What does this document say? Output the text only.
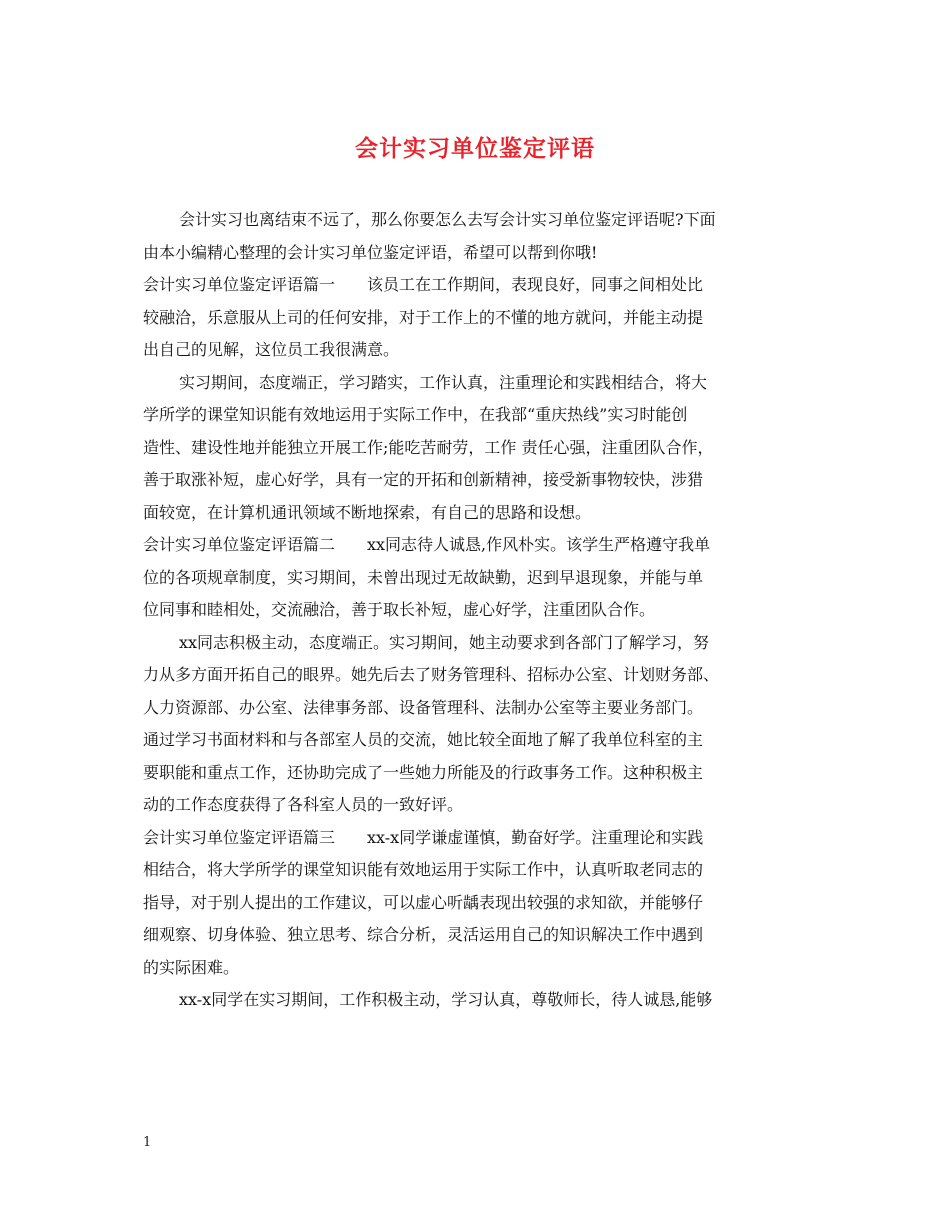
会计实习单位鉴定评语
会计实习也离结束不远了，那么你要怎么去写会计实习单位鉴定评语呢?下面
由本小编精心整理的会计实习单位鉴定评语，希望可以帮到你哦!
会计实习单位鉴定评语篇一　　该员工在工作期间，表现良好，同事之间相处比
较融洽，乐意服从上司的任何安排，对于工作上的不懂的地方就问，并能主动提
出自己的见解，这位员工我很满意。
实习期间，态度端正，学习踏实，工作认真，注重理论和实践相结合，将大
学所学的课堂知识能有效地运用于实际工作中，在我部“重庆热线”实习时能创
造性、建设性地并能独立开展工作;能吃苦耐劳，工作 责任心强，注重团队合作，
善于取涨补短，虚心好学，具有一定的开拓和创新精神，接受新事物较快，涉猎
面较宽，在计算机通讯领域不断地探索，有自己的思路和设想。
会计实习单位鉴定评语篇二　　xx同志待人诚恳,作风朴实。该学生严格遵守我单
位的各项规章制度，实习期间，未曾出现过无故缺勤，迟到早退现象，并能与单
位同事和睦相处，交流融洽，善于取长补短，虚心好学，注重团队合作。
xx同志积极主动，态度端正。实习期间，她主动要求到各部门了解学习，努
力从多方面开拓自己的眼界。她先后去了财务管理科、招标办公室、计划财务部、
人力资源部、办公室、法律事务部、设备管理科、法制办公室等主要业务部门。
通过学习书面材料和与各部室人员的交流，她比较全面地了解了我单位科室的主
要职能和重点工作，还协助完成了一些她力所能及的行政事务工作。这种积极主
动的工作态度获得了各科室人员的一致好评。
会计实习单位鉴定评语篇三　　xx-x同学谦虚谨慎，勤奋好学。注重理论和实践
相结合，将大学所学的课堂知识能有效地运用于实际工作中，认真听取老同志的
指导，对于别人提出的工作建议，可以虚心听龋表现出较强的求知欲，并能够仔
细观察、切身体验、独立思考、综合分析，灵活运用自己的知识解决工作中遇到
的实际困难。
xx-x同学在实习期间，工作积极主动，学习认真，尊敬师长，待人诚恳,能够
1
